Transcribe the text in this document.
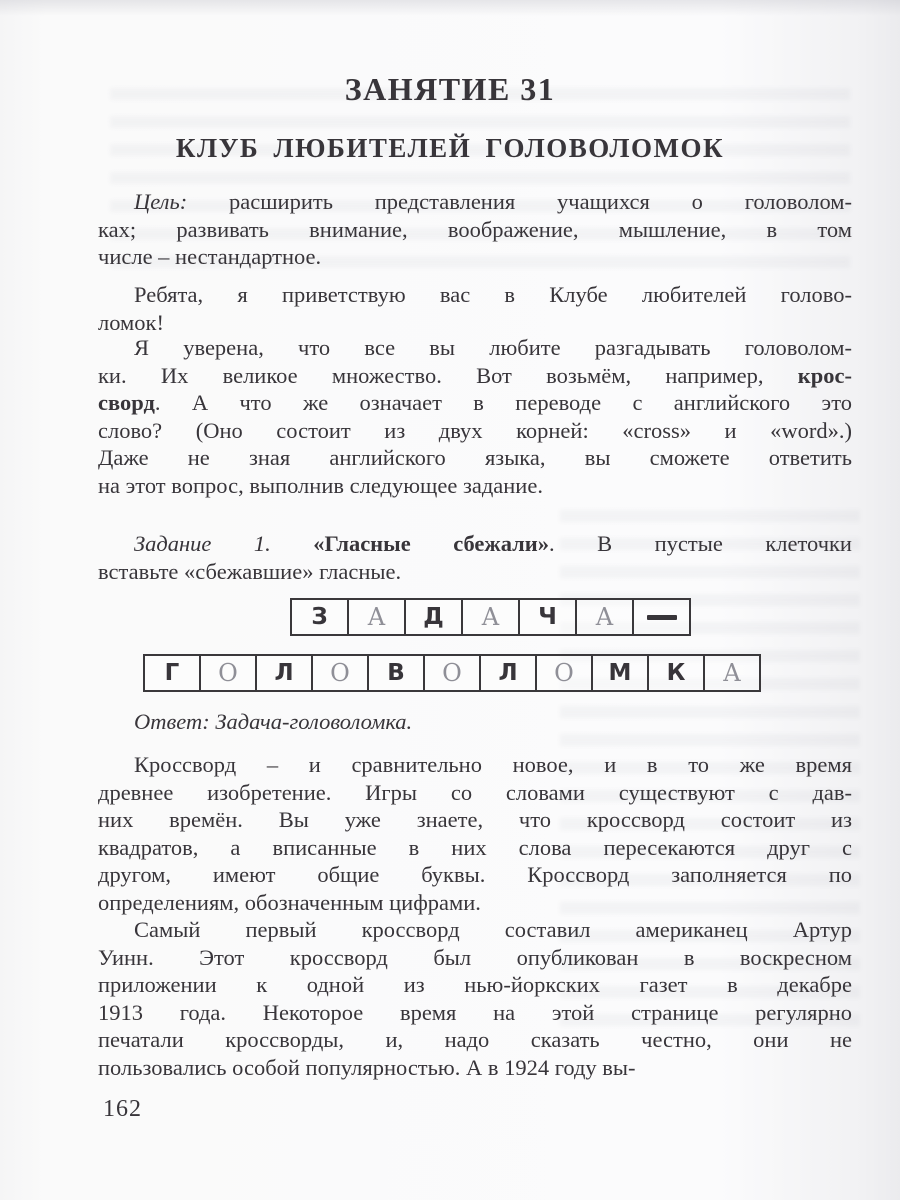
ЗАНЯТИЕ 31
КЛУБ ЛЮБИТЕЛЕЙ ГОЛОВОЛОМОК
Цель: расширить представления учащихся о головолом-
ках; развивать внимание, воображение, мышление, в том
числе – нестандартное.
Ребята, я приветствую вас в Клубе любителей голово-
ломок!
Я уверена, что все вы любите разгадывать головолом-
ки. Их великое множество. Вот возьмём, например, крос-
сворд. А что же означает в переводе с английского это
слово? (Оно состоит из двух корней: «cross» и «word».)
Даже не зная английского языка, вы сможете ответить
на этот вопрос, выполнив следующее задание.
Задание 1. «Гласные сбежали». В пустые клеточки
вставьте «сбежавшие» гласные.
З А Д А Ч А
Г О Л О В О Л О М К А
Ответ: Задача-головоломка.
Кроссворд – и сравнительно новое, и в то же время
древнее изобретение. Игры со словами существуют с дав-
них времён. Вы уже знаете, что кроссворд состоит из
квадратов, а вписанные в них слова пересекаются друг с
другом, имеют общие буквы. Кроссворд заполняется по
определениям, обозначенным цифрами.
Самый первый кроссворд составил американец Артур
Уинн. Этот кроссворд был опубликован в воскресном
приложении к одной из нью-йоркских газет в декабре
1913 года. Некоторое время на этой странице регулярно
печатали кроссворды, и, надо сказать честно, они не
пользовались особой популярностью. А в 1924 году вы-
162
